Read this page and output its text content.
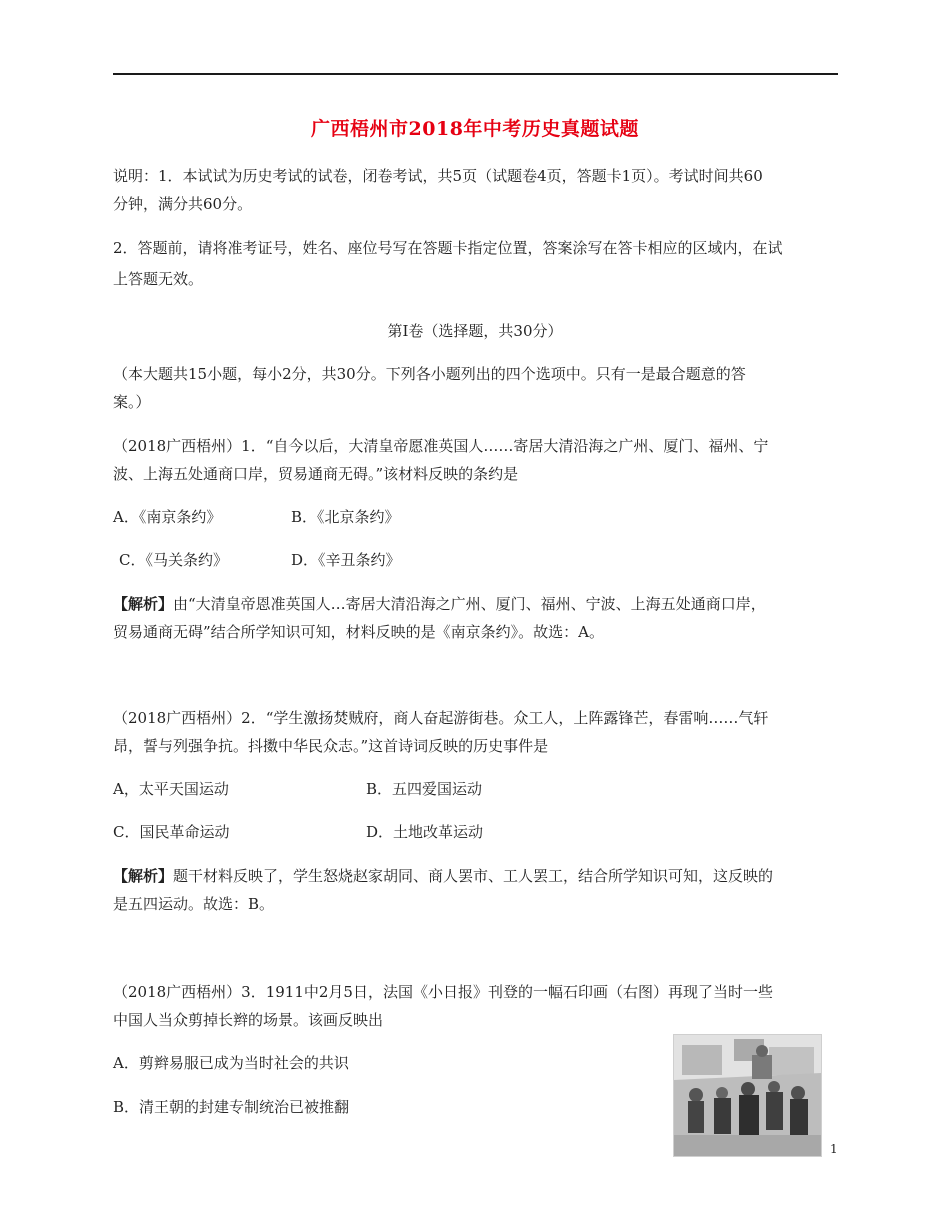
广西梧州市2018年中考历史真题试题
说明：1．本试试为历史考试的试卷，闭卷考试，共5页（试题卷4页，答题卡1页）。考试时间共60
分钟，满分共60分。
2．答题前，请将准考证号，姓名、座位号写在答题卡指定位置，答案涂写在答卡相应的区域内，在试
上答题无效。
第Ⅰ卷（选择题，共30分）
（本大题共15小题，每小2分，共30分。下列各小题列出的四个选项中。只有一是最合题意的答
案。）
（2018广西梧州）1．“自今以后，大清皇帝愿准英国人……寄居大清沿海之广州、厦门、福州、宁
波、上海五处通商口岸，贸易通商无碍。”该材料反映的条约是
A．《南京条约》	B．《北京条约》
C．《马关条约》	D．《辛丑条约》
【解析】由“大清皇帝恩准英国人…寄居大清沿海之广州、厦门、福州、宁波、上海五处通商口岸，
贸易通商无碍”结合所学知识可知，材料反映的是《南京条约》。故选：A。
（2018广西梧州）2．“学生激扬焚贼府，商人奋起游街巷。众工人，上阵露锋芒，春雷响……气轩
昂，誓与列强争抗。抖擞中华民众志。”这首诗词反映的历史事件是
A，太平天国运动	B．五四爱国运动
C．国民革命运动	D．土地改革运动
【解析】题干材料反映了，学生怒烧赵家胡同、商人罢市、工人罢工，结合所学知识可知，这反映的
是五四运动。故选：B。
（2018广西梧州）3．1911中2月5日，法国《小日报》刊登的一幅石印画（右图）再现了当时一些
中国人当众剪掉长辫的场景。该画反映出
A．剪辫易服已成为当时社会的共识
B．清王朝的封建专制统治已被推翻
1
